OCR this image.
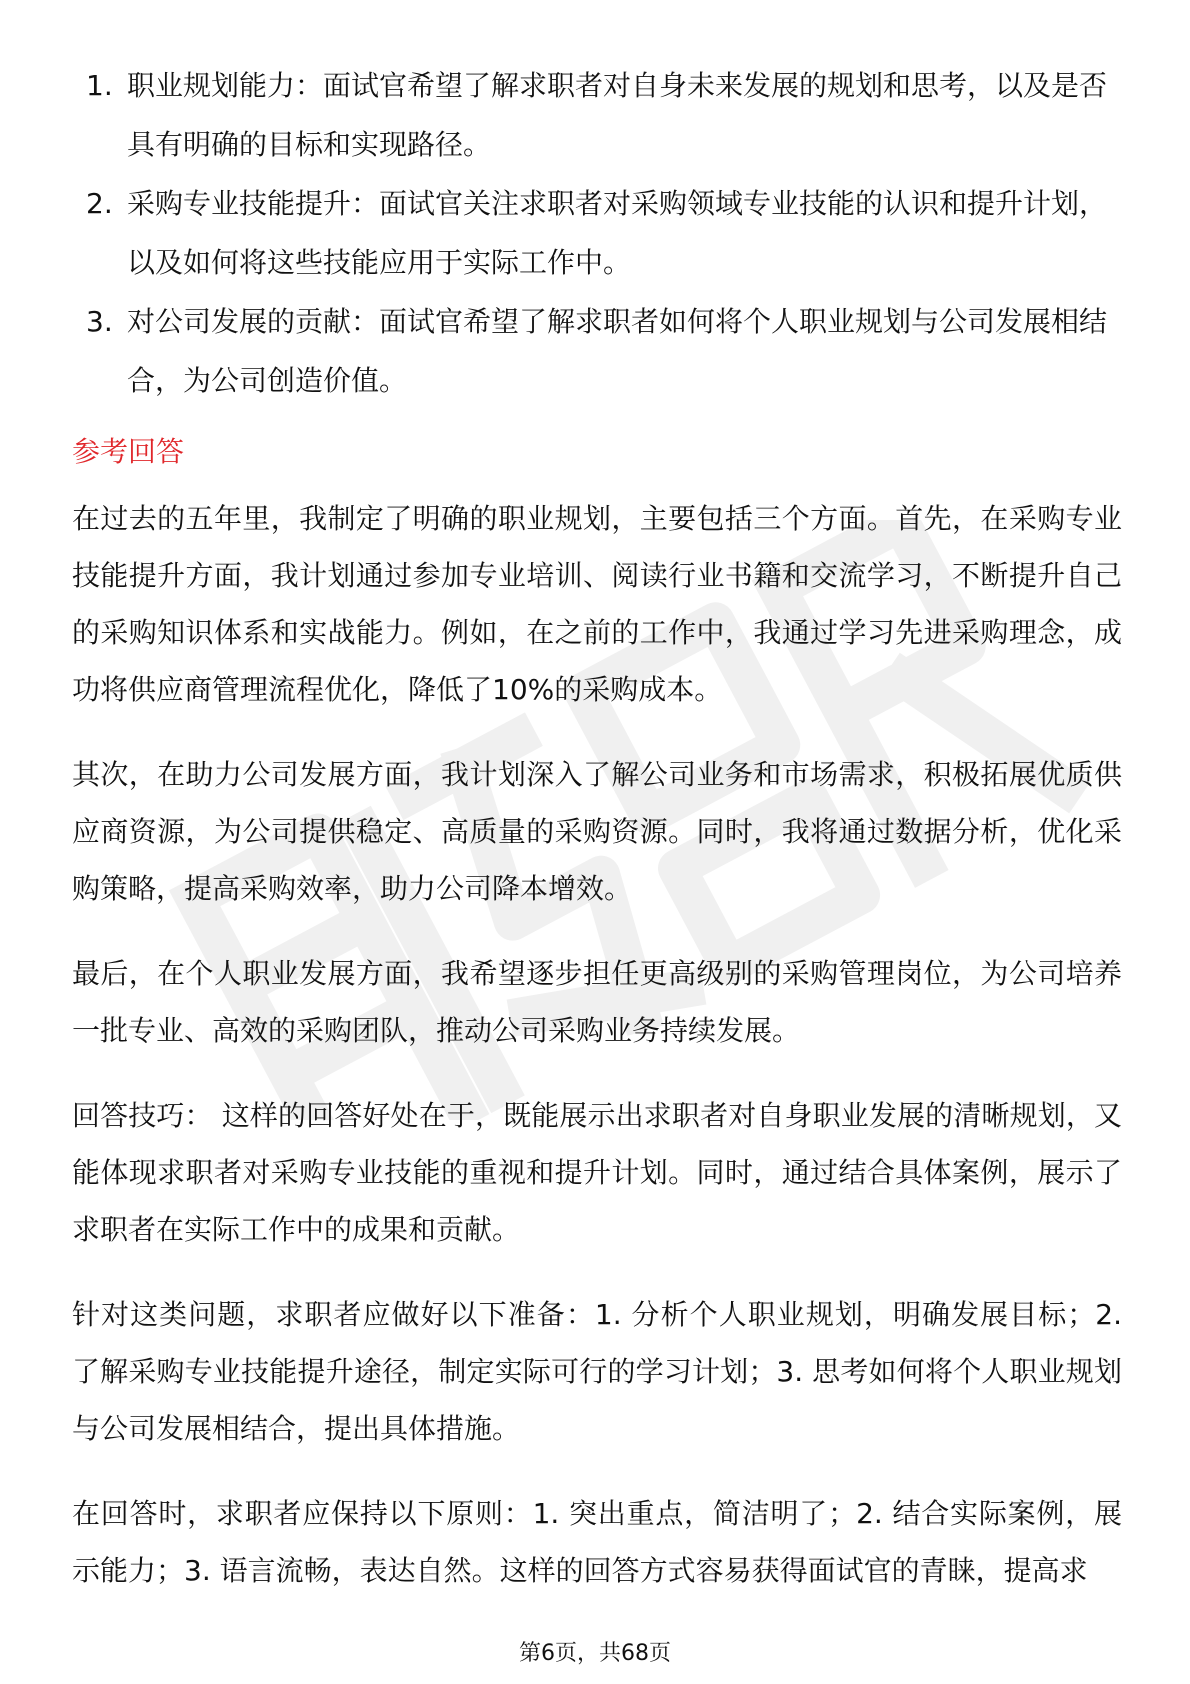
1. 职业规划能力：面试官希望了解求职者对自身未来发展的规划和思考，以及是否具有明确的目标和实现路径。
2. 采购专业技能提升：面试官关注求职者对采购领域专业技能的认识和提升计划，以及如何将这些技能应用于实际工作中。
3. 对公司发展的贡献：面试官希望了解求职者如何将个人职业规划与公司发展相结合，为公司创造价值。
参考回答

在过去的五年里，我制定了明确的职业规划，主要包括三个方面。首先，在采购专业技能提升方面，我计划通过参加专业培训、阅读行业书籍和交流学习，不断提升自己的采购知识体系和实战能力。例如，在之前的工作中，我通过学习先进采购理念，成功将供应商管理流程优化，降低了10%的采购成本。

其次，在助力公司发展方面，我计划深入了解公司业务和市场需求，积极拓展优质供应商资源，为公司提供稳定、高质量的采购资源。同时，我将通过数据分析，优化采购策略，提高采购效率，助力公司降本增效。

最后，在个人职业发展方面，我希望逐步担任更高级别的采购管理岗位，为公司培养一批专业、高效的采购团队，推动公司采购业务持续发展。

回答技巧： 这样的回答好处在于，既能展示出求职者对自身职业发展的清晰规划，又能体现求职者对采购专业技能的重视和提升计划。同时，通过结合具体案例，展示了求职者在实际工作中的成果和贡献。

针对这类问题，求职者应做好以下准备：1. 分析个人职业规划，明确发展目标；2. 了解采购专业技能提升途径，制定实际可行的学习计划；3. 思考如何将个人职业规划与公司发展相结合，提出具体措施。

在回答时，求职者应保持以下原则：1. 突出重点，简洁明了；2. 结合实际案例，展示能力；3. 语言流畅，表达自然。这样的回答方式容易获得面试官的青睐，提高求

第6页，共68页
